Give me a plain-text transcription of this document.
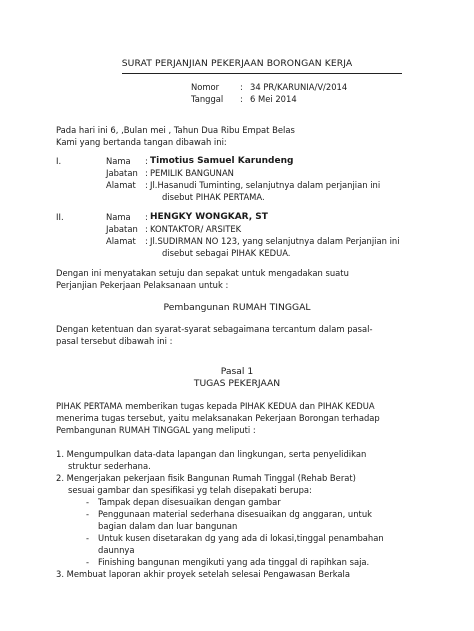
SURAT PERJANJIAN PEKERJAAN BORONGAN KERJA
Nomor : 34 PR/KARUNIA/V/2014
Tanggal : 6 Mei 2014
Pada hari ini 6, ,Bulan mei , Tahun Dua Ribu Empat Belas
Kami yang bertanda tangan dibawah ini:
I.	Nama : Timotius Samuel Karundeng
Jabatan : PEMILIK BANGUNAN
Alamat : Jl.Hasanudi Tuminting, selanjutnya dalam perjanjian ini
disebut PIHAK PERTAMA.
II.	Nama : HENGKY WONGKAR, ST
Jabatan : KONTAKTOR/ ARSITEK
Alamat : Jl.SUDIRMAN NO 123, yang selanjutnya dalam Perjanjian ini
disebut sebagai PIHAK KEDUA.
Dengan ini menyatakan setuju dan sepakat untuk mengadakan suatu
Perjanjian Pekerjaan Pelaksanaan untuk :
Pembangunan RUMAH TINGGAL
Dengan ketentuan dan syarat-syarat sebagaimana tercantum dalam pasal-
pasal tersebut dibawah ini :
Pasal 1
TUGAS PEKERJAAN
PIHAK PERTAMA memberikan tugas kepada PIHAK KEDUA dan PIHAK KEDUA
menerima tugas tersebut, yaitu melaksanakan Pekerjaan Borongan terhadap
Pembangunan RUMAH TINGGAL yang meliputi :
1. Mengumpulkan data-data lapangan dan lingkungan, serta penyelidikan
struktur sederhana.
2. Mengerjakan pekerjaan fisik Bangunan Rumah Tinggal (Rehab Berat)
sesuai gambar dan spesifikasi yg telah disepakati berupa:
- Tampak depan disesuaikan dengan gambar
- Penggunaan material sederhana disesuaikan dg anggaran, untuk
bagian dalam dan luar bangunan
- Untuk kusen disetarakan dg yang ada di lokasi,tinggal penambahan
daunnya
- Finishing bangunan mengikuti yang ada tinggal di rapihkan saja.
3. Membuat laporan akhir proyek setelah selesai Pengawasan Berkala
